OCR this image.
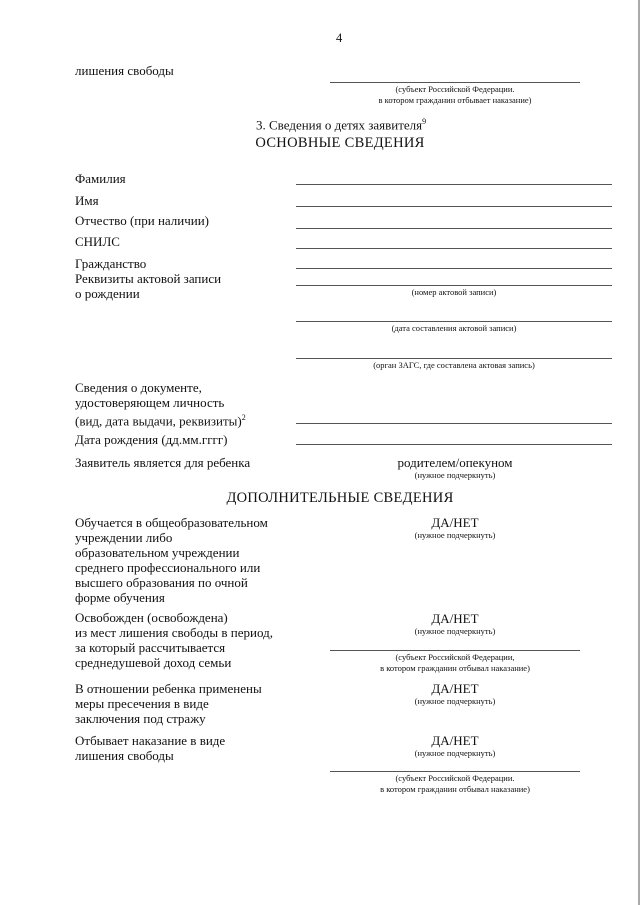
4
лишения свободы
(субъект Российской Федерации.
в котором гражданин отбывает наказание)
3. Сведения о детях заявителя$^9$
ОСНОВНЫЕ СВЕДЕНИЯ
Фамилия
Имя
Отчество (при наличии)
СНИЛС
Гражданство
Реквизиты актовой записи
о рождении	(номер актовой записи)
(дата составления актовой записи)
(орган ЗАГС, где составлена актовая запись)
Сведения о документе,
удостоверяющем личность
(вид, дата выдачи, реквизиты)$^2$
Дата рождения (дд.мм.гггг)
Заявитель является для ребенка	родителем/опекуном
(нужное подчеркнуть)
ДОПОЛНИТЕЛЬНЫЕ СВЕДЕНИЯ
Обучается в общеобразовательном
учреждении либо
образовательном учреждении
среднего профессионального или
высшего образования по очной
форме обучения
ДА/НЕТ
(нужное подчеркнуть)
Освобожден (освобождена)
из мест лишения свободы в период,
за который рассчитывается
среднедушевой доход семьи
ДА/НЕТ
(нужное подчеркнуть)
(субъект Российской Федерации,
в котором гражданин отбывал наказание)
В отношении ребенка применены
меры пресечения в виде
заключения под стражу
ДА/НЕТ
(нужное подчеркнуть)
Отбывает наказание в виде
лишения свободы
ДА/НЕТ
(нужное подчеркнуть)
(субъект Российской Федерации.
в котором гражданин отбывал наказание)
